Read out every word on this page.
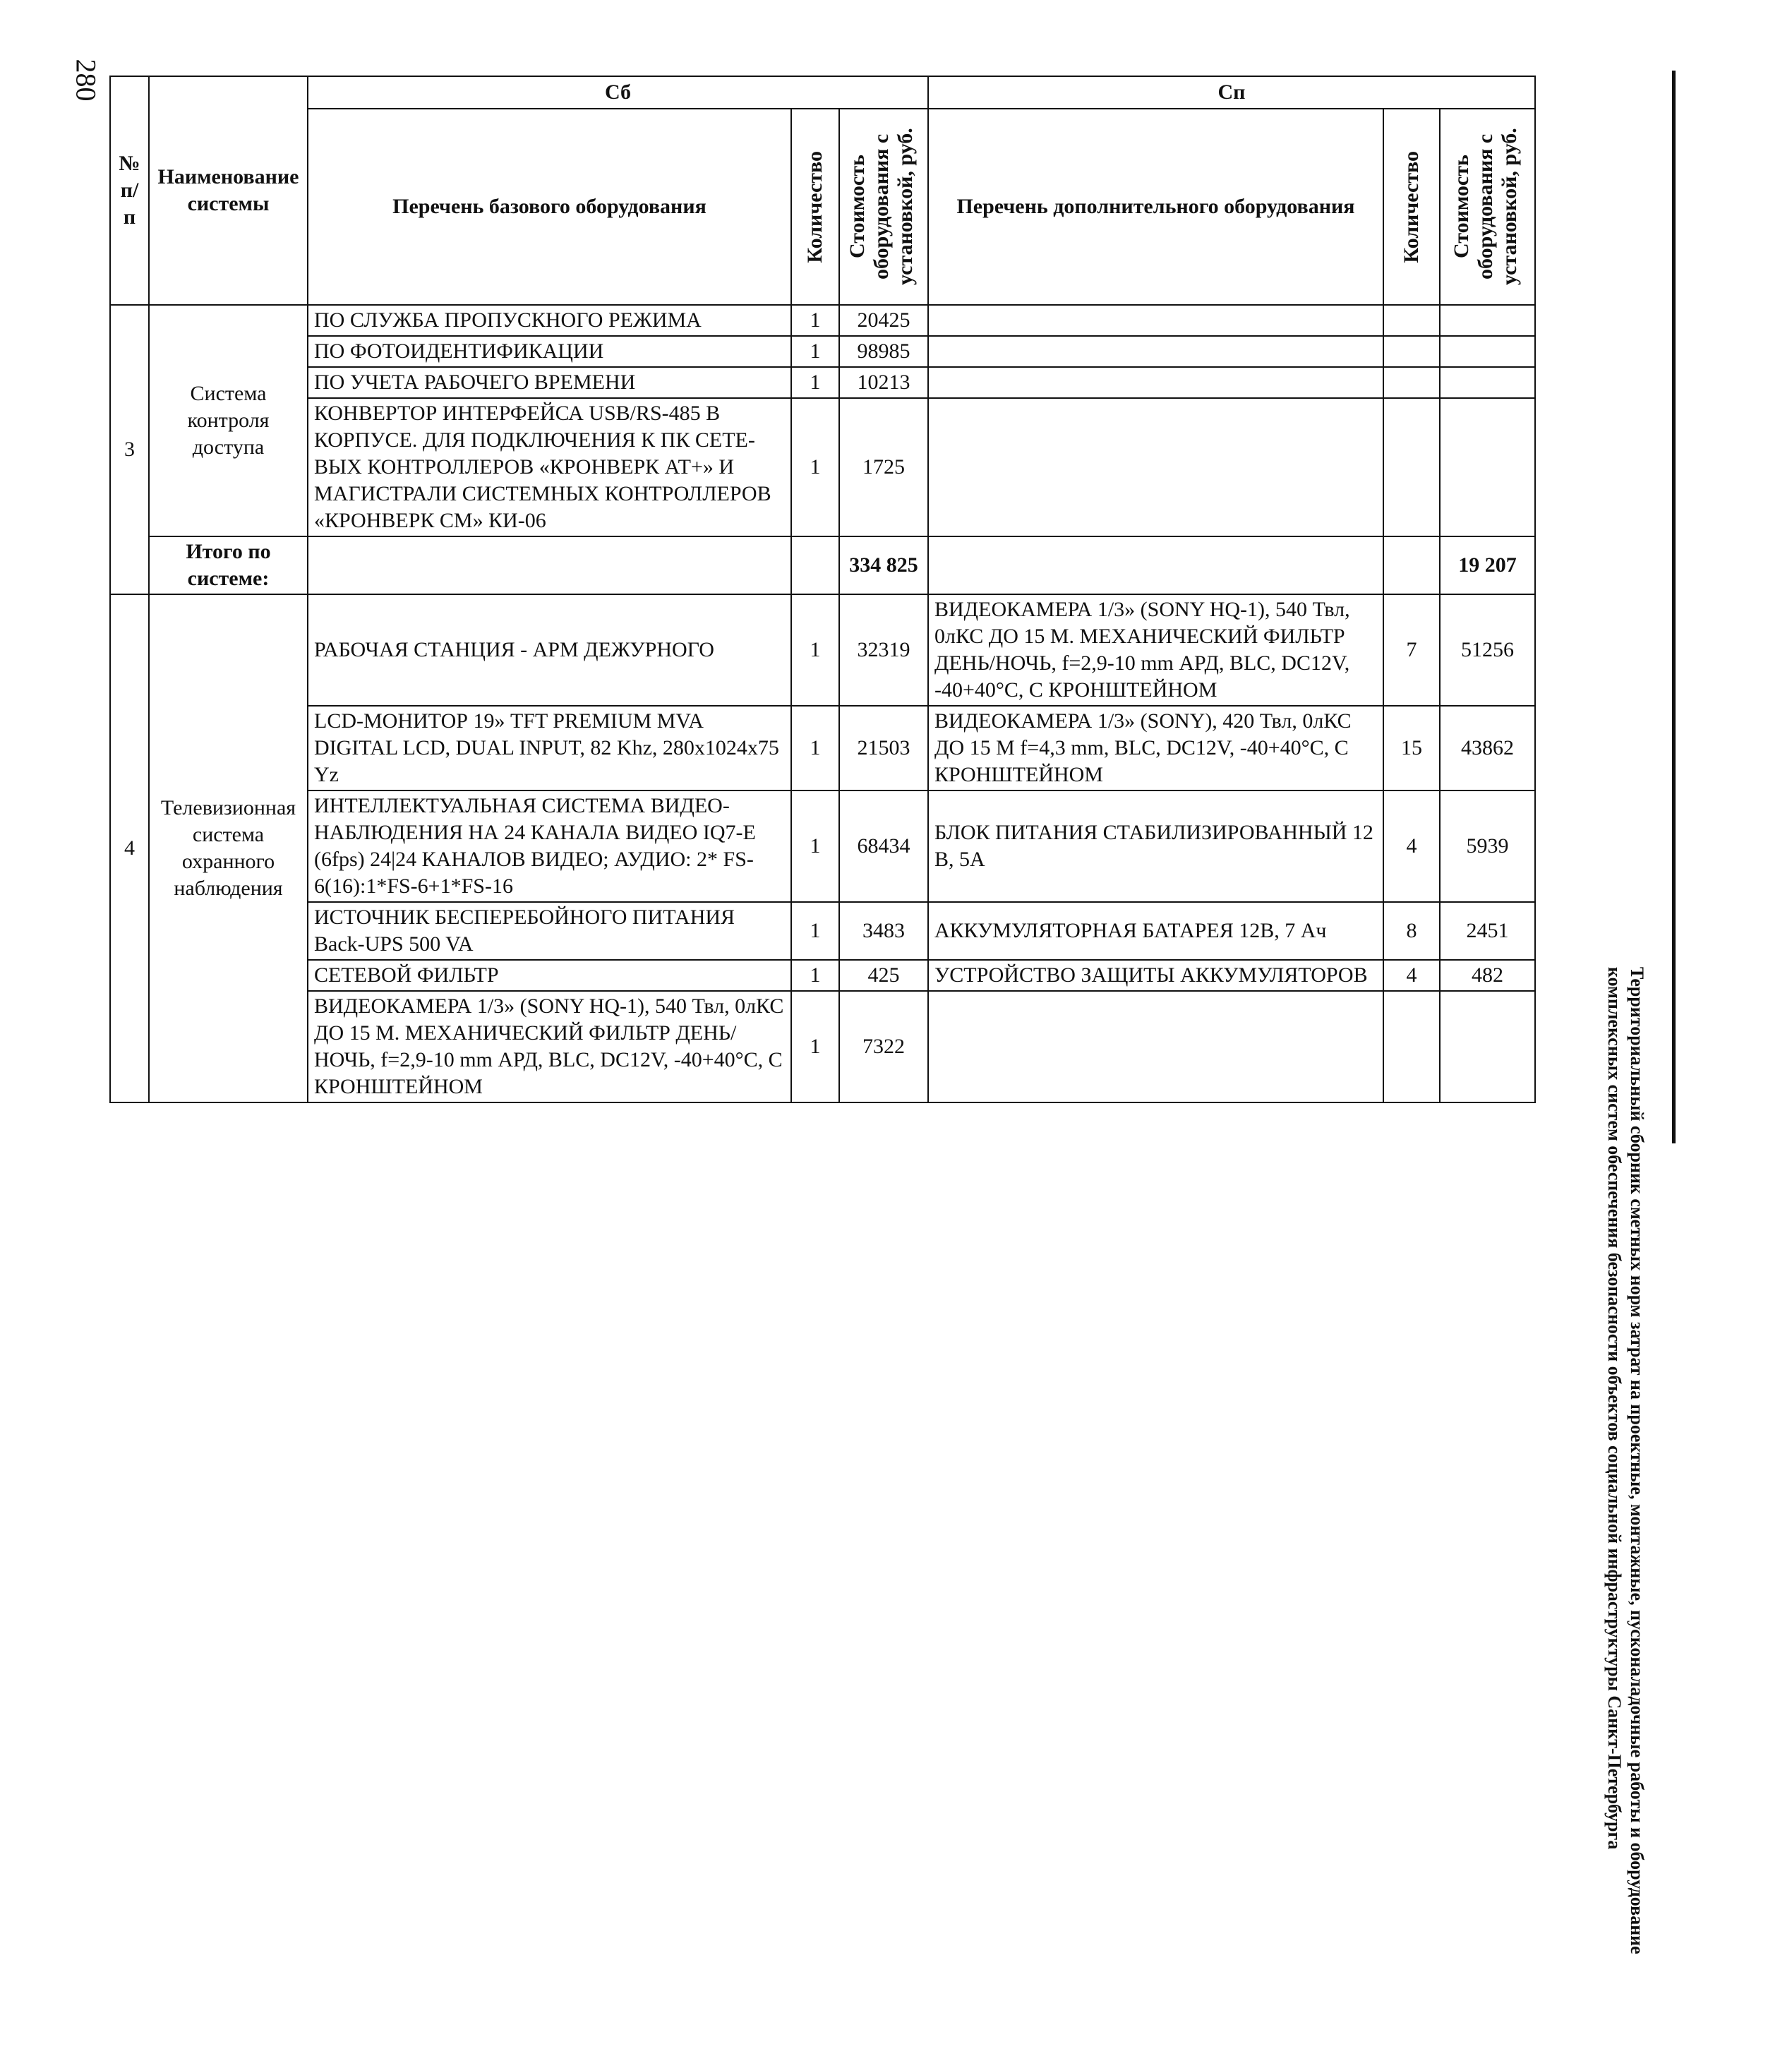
280
Территориальный сборник сметных норм затрат на проектные, монтажные, пусконаладочные работы и оборудование комплексных систем обеспечения безопасности объектов социальной инфраструктуры Санкт-Петербурга
№ п/п	Наименование системы	Сб			Сп		
		Перечень базового оборудования	Количество	Стоимость оборудования с установкой, руб.	Перечень дополнительного оборудования	Количество	Стоимость оборудования с установкой, руб.

3	Система контроля доступа	ПО СЛУЖБА ПРОПУСКНОГО РЕЖИМА	1	20425			
		ПО ФОТОИДЕНТИФИКАЦИИ	1	98985			
		ПО УЧЕТА РАБОЧЕГО ВРЕМЕНИ	1	10213			
		КОНВЕРТОР ИНТЕРФЕЙСА USB/RS-485 В КОРПУСЕ. ДЛЯ ПОДКЛЮЧЕНИЯ К ПК СЕТЕ-ВЫХ КОНТРОЛЛЕРОВ «КРОНВЕРК АТ+» И МАГИСТРАЛИ СИСТЕМНЫХ КОНТРОЛЛЕРОВ «КРОНВЕРК СМ» КИ-06	1	1725			
	Итого по системе:			334 825			19 207
4	Телевизионная система охранного наблюдения	РАБОЧАЯ СТАНЦИЯ - АРМ ДЕЖУРНОГО	1	32319	ВИДЕОКАМЕРА 1/3» (SONY HQ-1), 540 Твл, 0лКС ДО 15 М. МЕХАНИЧЕСКИЙ ФИЛЬТР ДЕНЬ/НОЧЬ, f=2,9-10 mm АРД, BLC, DC12V, -40+40°С, С КРОНШТЕЙНОМ	7	51256
		LCD-МОНИТОР 19» TFT PREMIUM MVA DIGITAL LCD, DUAL INPUT, 82 Khz, 280x1024x75 Yz	1	21503	ВИДЕОКАМЕРА 1/3» (SONY), 420 Твл, 0лКС ДО 15 М f=4,3 mm, BLC, DC12V, -40+40°С, С КРОНШТЕЙНОМ	15	43862
		ИНТЕЛЛЕКТУАЛЬНАЯ СИСТЕМА ВИДЕО-НАБЛЮДЕНИЯ НА 24 КАНАЛА ВИДЕО IQ7-E (6fps) 24|24 КАНАЛОВ ВИДЕО; АУДИО: 2* FS-6(16):1*FS-6+1*FS-16	1	68434	БЛОК ПИТАНИЯ СТАБИЛИЗИРОВАННЫЙ 12 В, 5А	4	5939
		ИСТОЧНИК БЕСПЕРЕБОЙНОГО ПИТАНИЯ Back-UPS 500 VA	1	3483	АККУМУЛЯТОРНАЯ БАТАРЕЯ 12В, 7 Ач	8	2451
		СЕТЕВОЙ ФИЛЬТР	1	425	УСТРОЙСТВО ЗАЩИТЫ АККУМУЛЯТОРОВ	4	482
		ВИДЕОКАМЕРА 1/3» (SONY HQ-1), 540 Твл, 0лКС ДО 15 М. МЕХАНИЧЕСКИЙ ФИЛЬТР ДЕНЬ/НОЧЬ, f=2,9-10 mm АРД, BLC, DC12V, -40+40°С, С КРОНШТЕЙНОМ	1	7322			
